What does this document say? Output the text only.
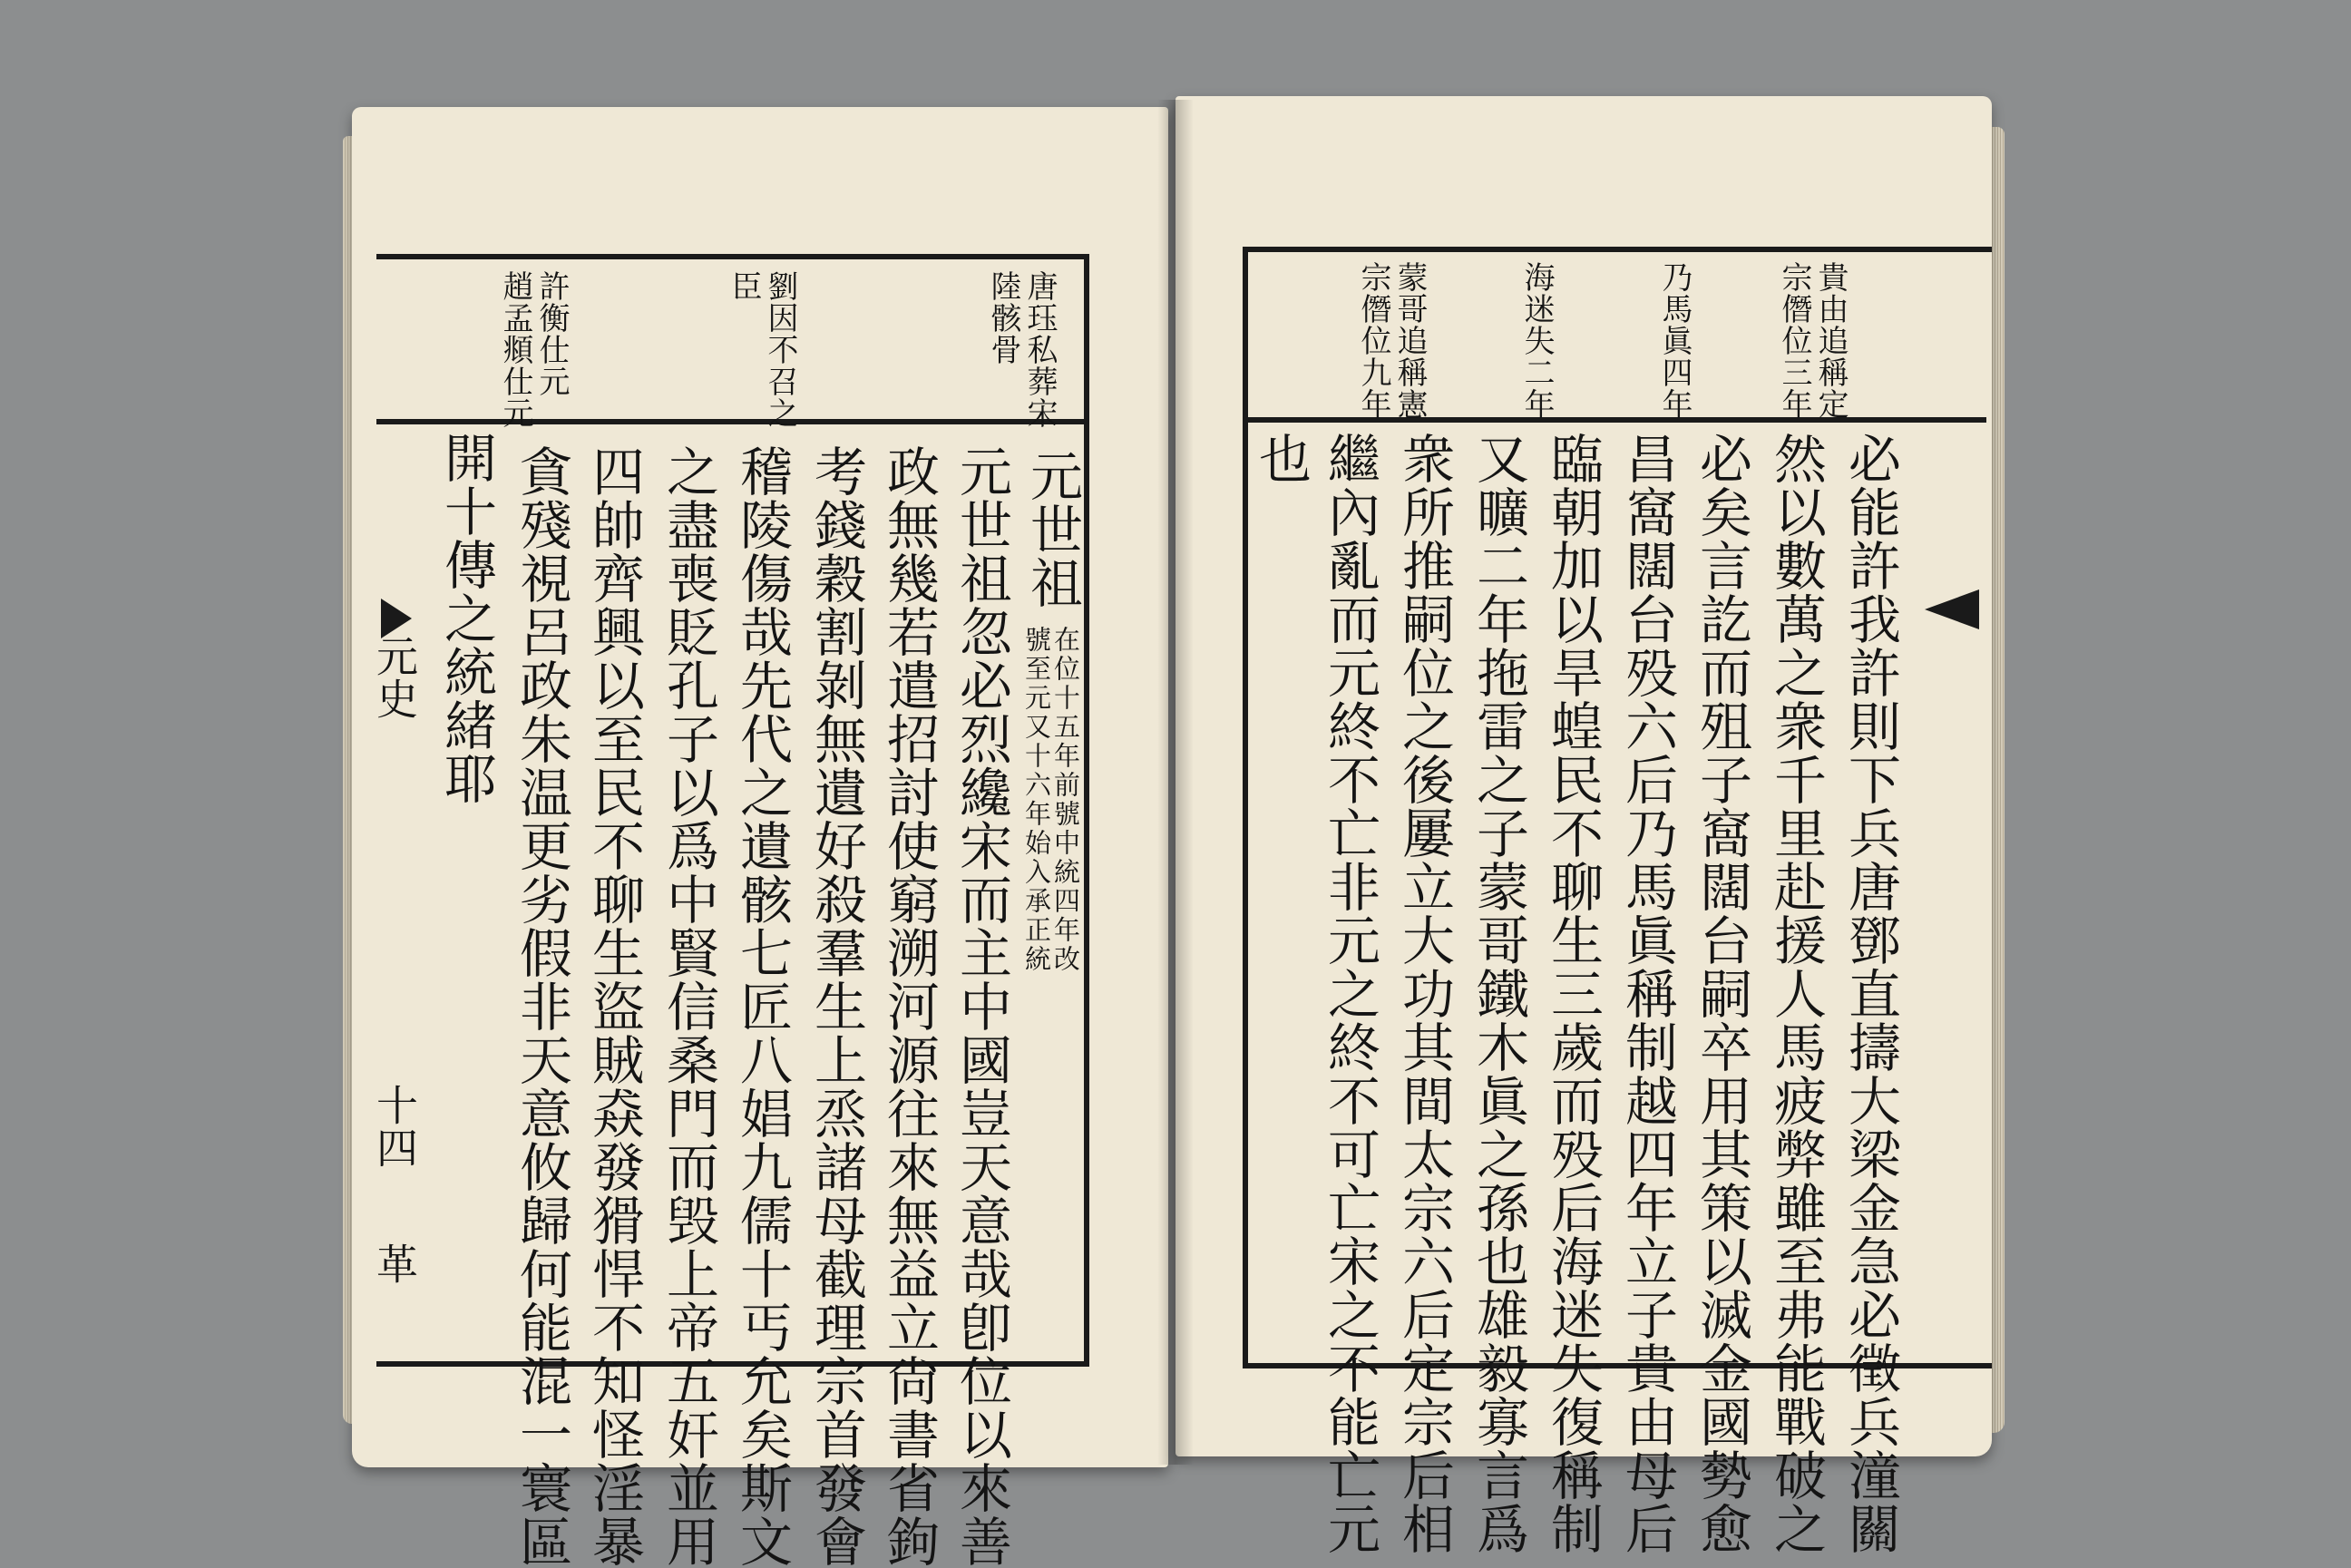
唐珏私葬宋
陸骸骨
劉因不召之
臣
許衡仕元
趙孟頫仕元
元世祖
在位十五年前號中統四年改
號至元又十六年始入承正統
元世祖忽必烈纔宋而主中國豈天意哉卽位以來善
政無幾若遣招討使窮溯河源往來無益立尙書省鉤
考錢穀割剝無遺好殺羣生上烝諸母截理宗首發會
稽陵傷哉先代之遺骸七匠八娼九儒十丐允矣斯文
之盡喪貶孔子以爲中賢信桑門而毁上帝五奸並用
四帥齊興以至民不聊生盜賊猋發猾悍不知怪淫暴
貪殘視呂政朱温更劣假非天意攸歸何能混一寰區
開十傳之統緒耶
元史
十四
革
貴由追稱定
宗僭位三年
乃馬眞四年
海迷失二年
蒙哥追稱憲
宗僭位九年
必能許我許則下兵唐鄧直擣大梁金急必徵兵潼關
然以數萬之衆千里赴援人馬疲弊雖至弗能戰破之
必矣言訖而殂子窩闊台嗣卒用其策以滅金國勢愈
昌窩闊台殁六后乃馬眞稱制越四年立子貴由母后
臨朝加以旱蝗民不聊生三歲而殁后海迷失復稱制
又曠二年拖雷之子蒙哥鐵木眞之孫也雄毅寡言爲
衆所推嗣位之後屢立大功其間太宗六后定宗后相
繼內亂而元終不亡非元之終不可亡宋之不能亡元
也
